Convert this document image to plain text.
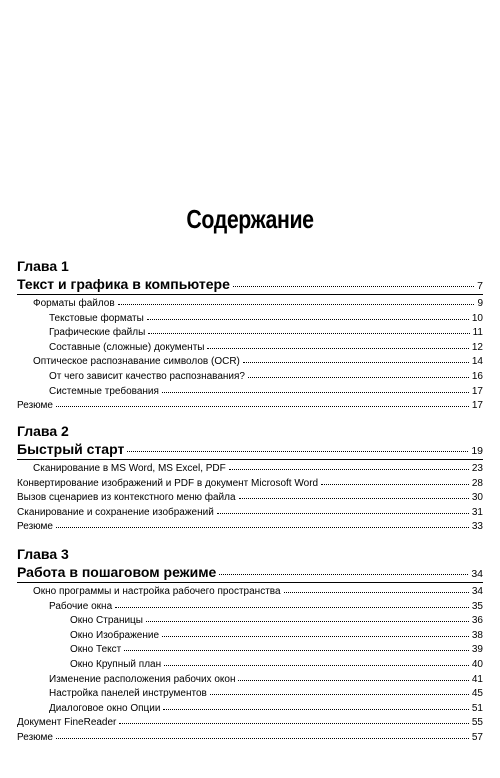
Содержание
Глава 1
Текст и графика в компьютере	7
Форматы файлов	9
Текстовые форматы	10
Графические файлы	11
Составные (сложные) документы	12
Оптическое распознавание символов (OCR)	14
От чего зависит качество распознавания?	16
Системные требования	17
Резюме	17
Глава 2
Быстрый старт	19
Сканирование в MS Word, MS Excel, PDF	23
Конвертирование изображений и PDF в документ Microsoft Word	28
Вызов сценариев из контекстного меню файла	30
Сканирование и сохранение изображений	31
Резюме	33
Глава 3
Работа в пошаговом режиме	34
Окно программы и настройка рабочего пространства	34
Рабочие окна	35
Окно Страницы	36
Окно Изображение	38
Окно Текст	39
Окно Крупный план	40
Изменение расположения рабочих окон	41
Настройка панелей инструментов	45
Диалоговое окно Опции	51
Документ FineReader	55
Резюме	57
